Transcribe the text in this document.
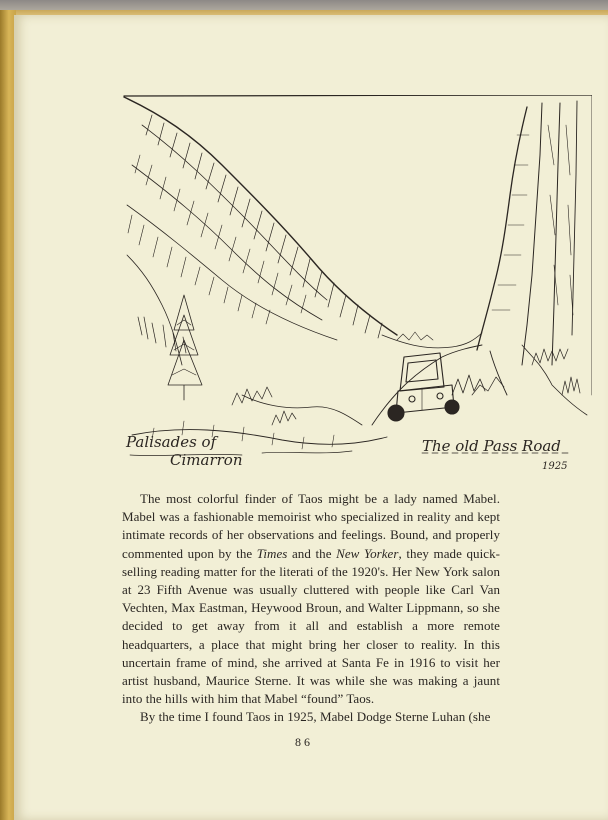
Palisades of
Cimarron
The old Pass Road
1925

The most colorful finder of Taos might be a lady named Mabel. Mabel was a fashionable memoirist who specialized in reality and kept intimate records of her observations and feelings. Bound, and properly commented upon by the Times and the New Yorker, they made quick-selling reading matter for the literati of the 1920's. Her New York salon at 23 Fifth Avenue was usually cluttered with people like Carl Van Vechten, Max Eastman, Heywood Broun, and Walter Lippmann, so she decided to get away from it all and establish a more remote headquarters, a place that might bring her closer to reality. In this uncertain frame of mind, she arrived at Santa Fe in 1916 to visit her artist husband, Maurice Sterne. It was while she was making a jaunt into the hills with him that Mabel “found” Taos.

By the time I found Taos in 1925, Mabel Dodge Sterne Luhan (she

86
